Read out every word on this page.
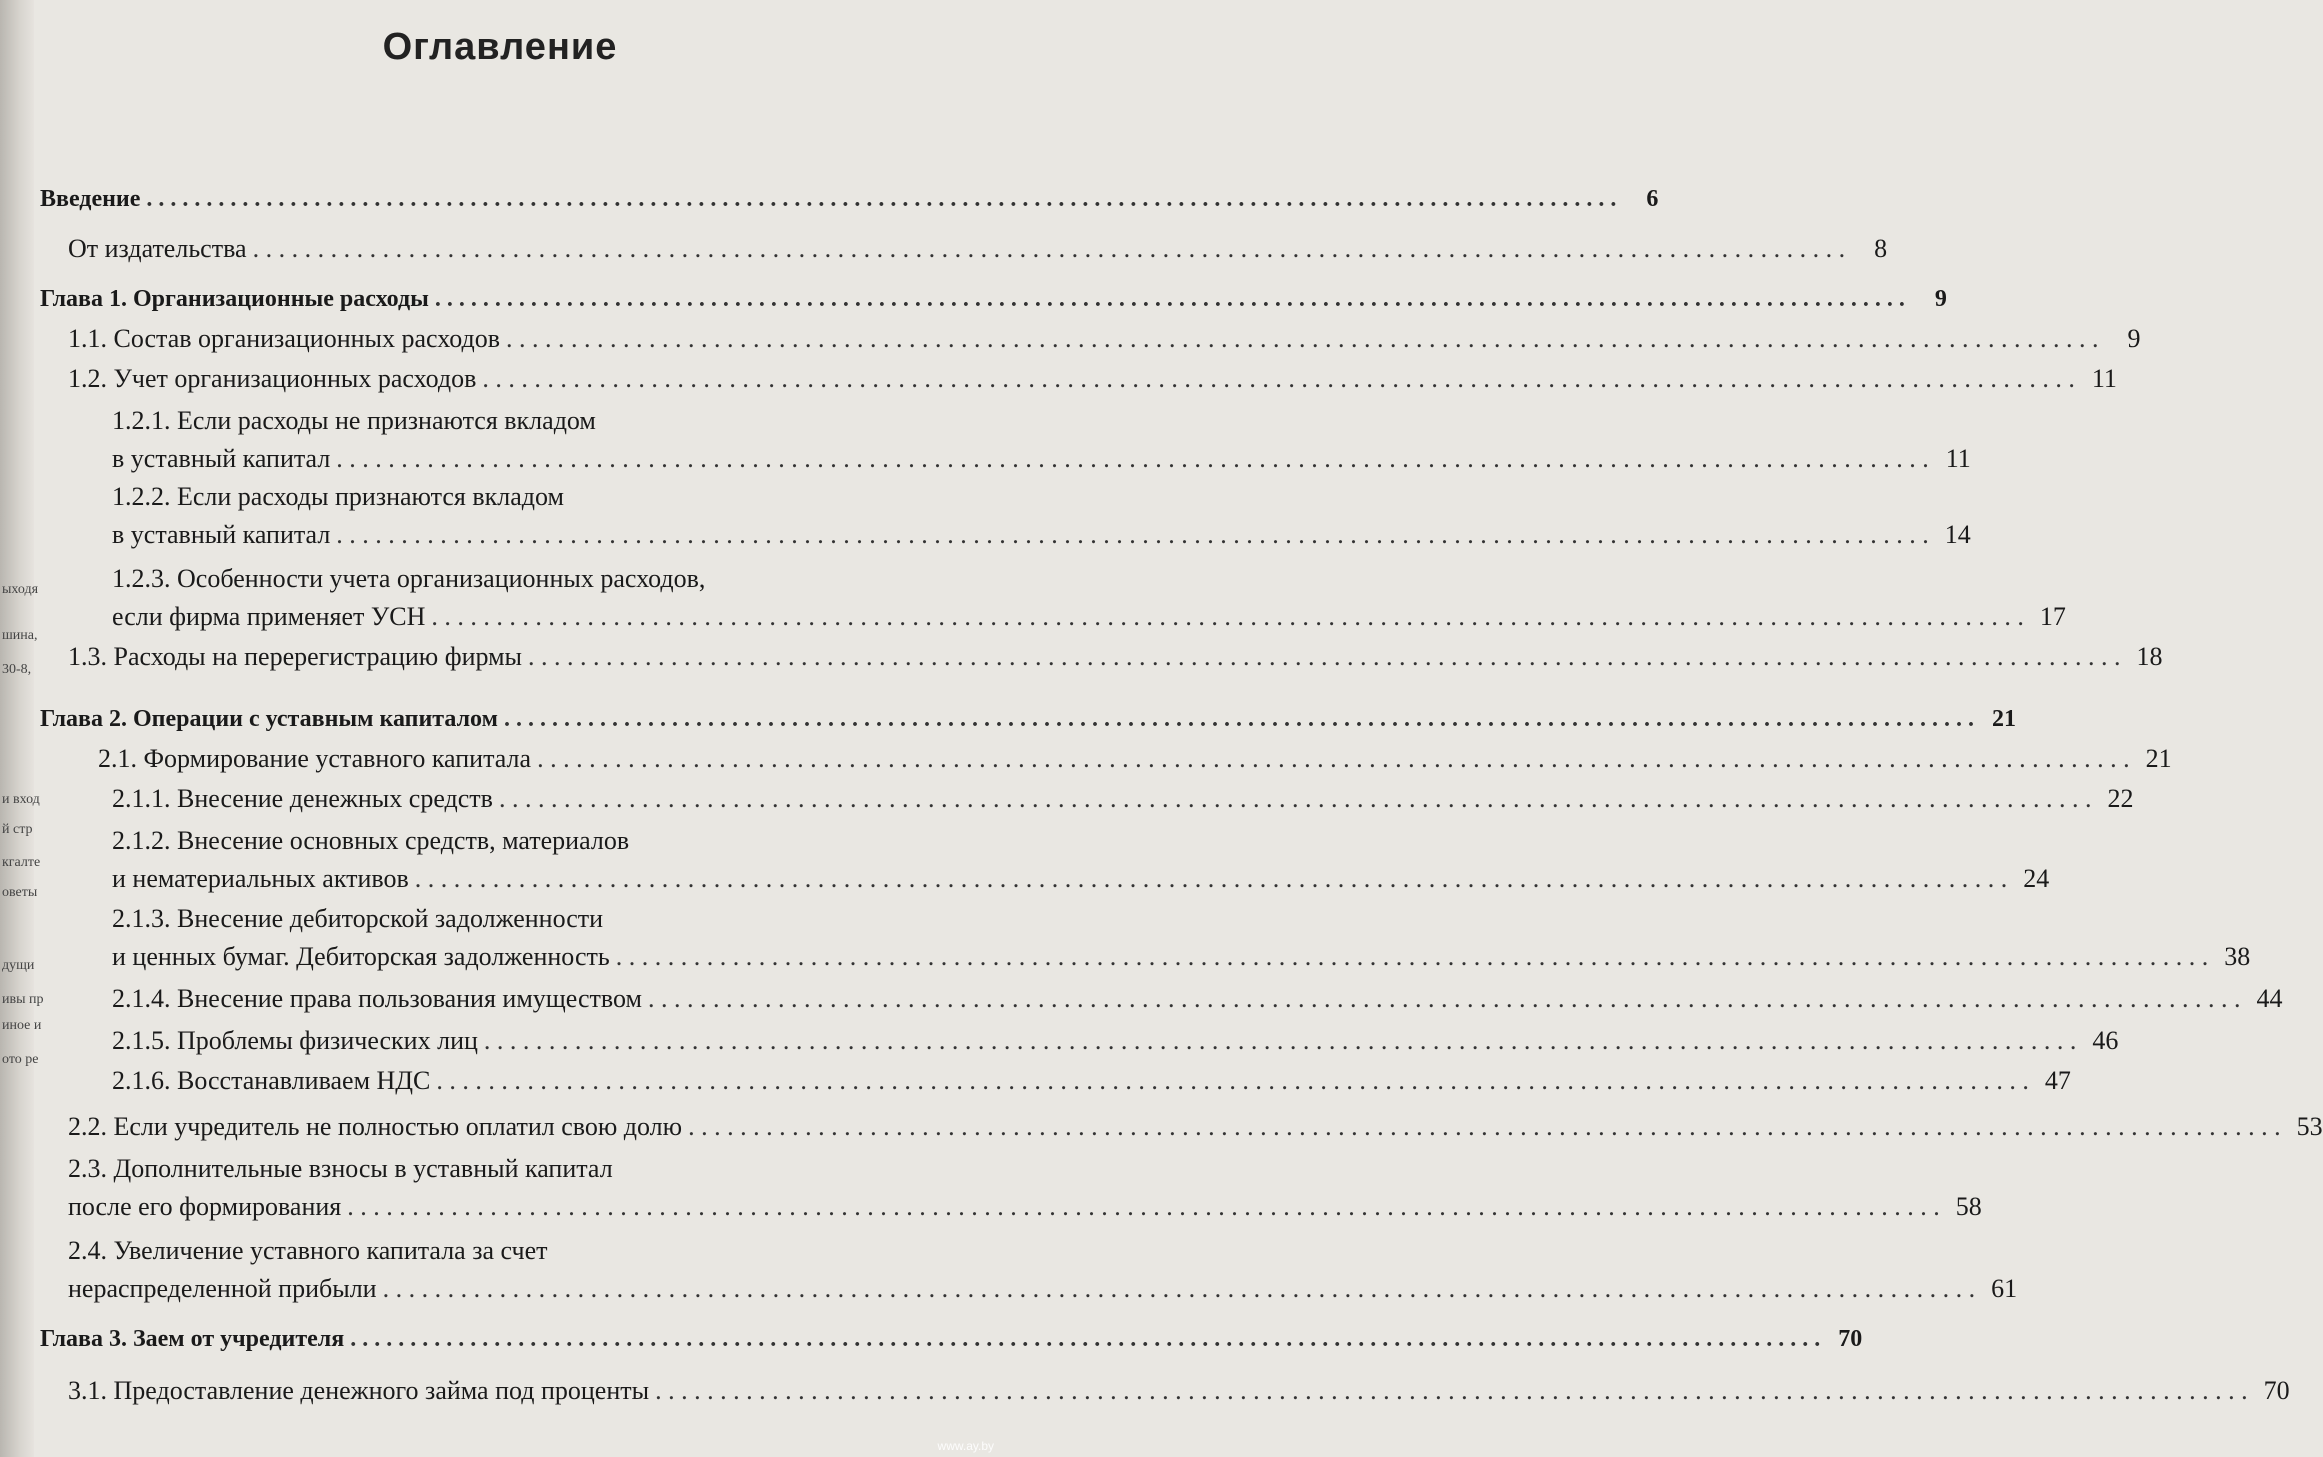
ыходя
шина,
30-8,
и вход
й стр
кгалте
оветы
дущи
ивы пр
иное и
ото ре
Оглавление
Введение . . .	6
От издательства . . .	8
Глава 1. Организационные расходы . . .	9
1.1. Состав организационных расходов . . .	9
1.2. Учет организационных расходов . . .	11
1.2.1. Если расходы не признаются вкладом
в уставный капитал . . .	11
1.2.2. Если расходы признаются вкладом
в уставный капитал . . .	14
1.2.3. Особенности учета организационных расходов,
если фирма применяет УСН . . .	17
1.3. Расходы на перерегистрацию фирмы . . .	18
Глава 2. Операции с уставным капиталом . . .	21
2.1. Формирование уставного капитала . . .	21
2.1.1. Внесение денежных средств . . .	22
2.1.2. Внесение основных средств, материалов
и нематериальных активов . . .	24
2.1.3. Внесение дебиторской задолженности
и ценных бумаг. Дебиторская задолженность . . .	38
2.1.4. Внесение права пользования имуществом . . .	44
2.1.5. Проблемы физических лиц . . .	46
2.1.6. Восстанавливаем НДС . . .	47
2.2. Если учредитель не полностью оплатил свою долю . . .	53
2.3. Дополнительные взносы в уставный капитал
после его формирования . . .	58
2.4. Увеличение уставного капитала за счет
нераспределенной прибыли . . .	61
Глава 3. Заем от учредителя . . .	70
3.1. Предоставление денежного займа под проценты . . .	70
www.ay.by
